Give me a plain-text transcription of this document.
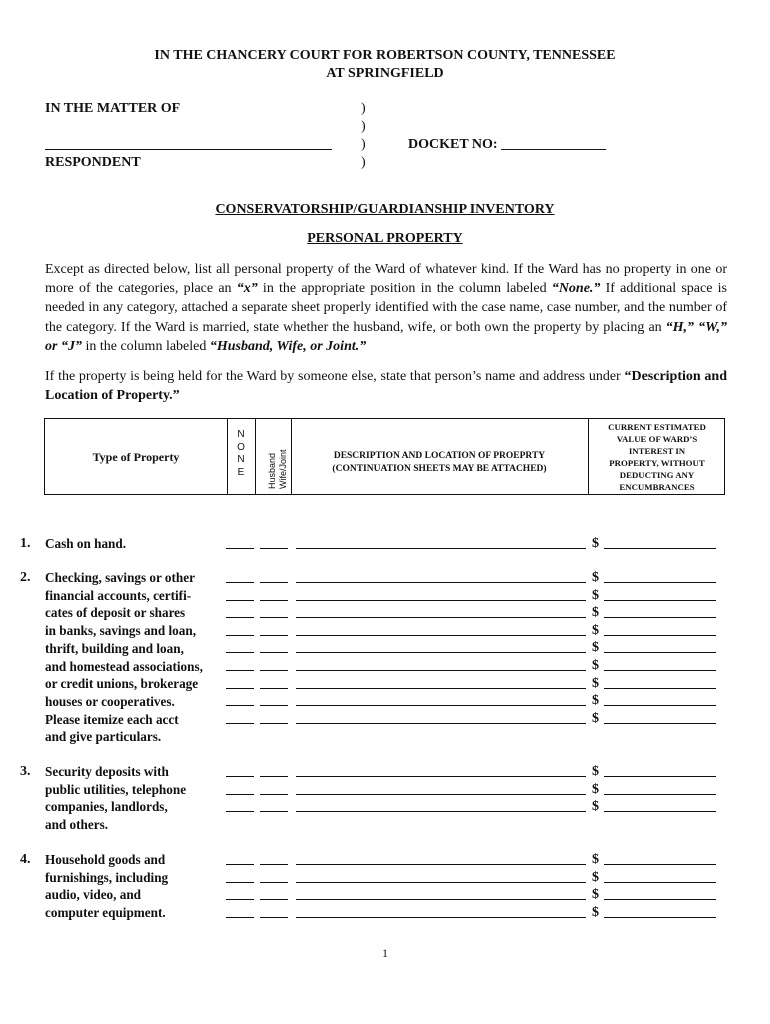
IN THE CHANCERY COURT FOR ROBERTSON COUNTY, TENNESSEE
AT SPRINGFIELD
IN THE MATTER OF
RESPONDENT
)
)
)
)
DOCKET NO: _______________
CONSERVATORSHIP/GUARDIANSHIP INVENTORY
PERSONAL PROPERTY
Except as directed below, list all personal property of the Ward of whatever kind. If the Ward has no property in one or more of the categories, place an “x” in the appropriate position in the column labeled “None.” If additional space is needed in any category, attached a separate sheet properly identified with the case name, case number, and the number of the category. If the Ward is married, state whether the husband, wife, or both own the property by placing an “H,” “W,” or “J” in the column labeled “Husband, Wife, or Joint.”
If the property is being held for the Ward by someone else, state that person’s name and address under “Description and Location of Property.”
Type of Property
N
O
N
E	Husband Wife/Joint	DESCRIPTION AND LOCATION OF PROEPRTY
(CONTINUATION SHEETS MAY BE ATTACHED)
CURRENT ESTIMATED
VALUE OF WARD’S
INTEREST IN
PROPERTY, WITHOUT
DEDUCTING ANY
ENCUMBRANCES
1. Cash on hand.
2. Checking, savings or other
financial accounts, certifi-
cates of deposit or shares
in banks, savings and loan,
thrift, building and loan,
and homestead associations,
or credit unions, brokerage
houses or cooperatives.
Please itemize each acct
and give particulars.
3. Security deposits with
public utilities, telephone
companies, landlords,
and others.
4. Household goods and
furnishings, including
audio, video, and
computer equipment.
1
$
$
$
$
$
$
$
$
$
$
$
$
$
$
$
$
$
